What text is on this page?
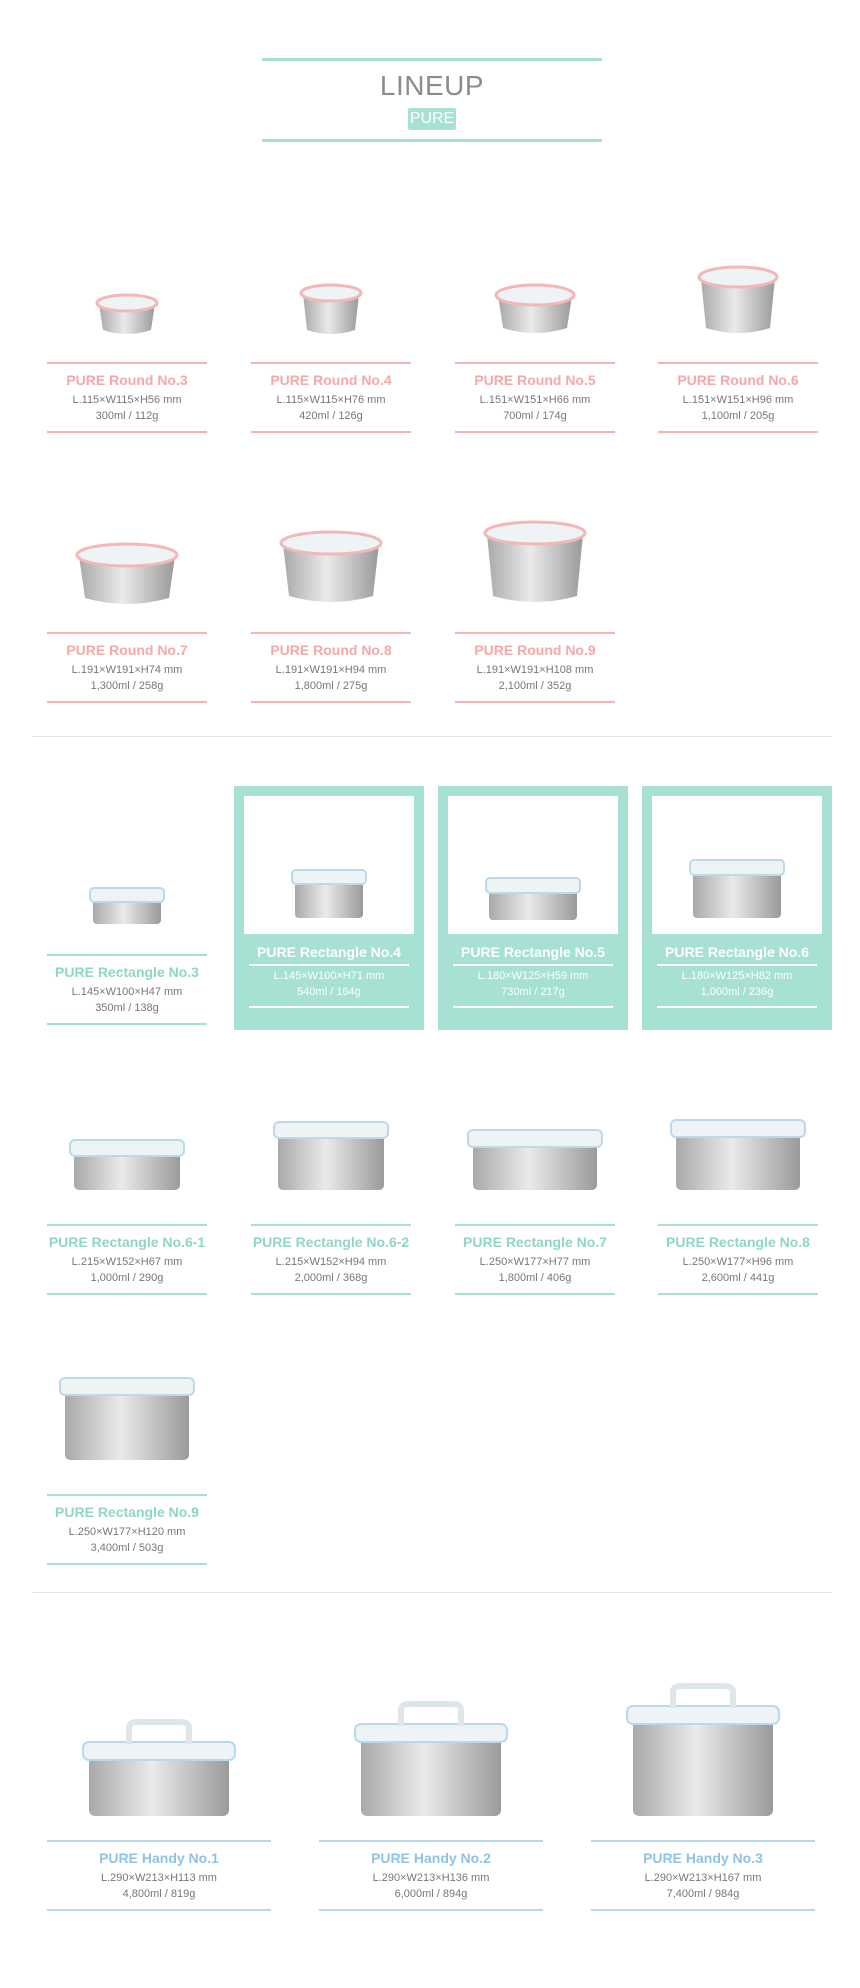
LINEUP
PURE
PURE Round No.3
L.115×W115×H56 mm
300ml / 112g
PURE Round No.4
L.115×W115×H76 mm
420ml / 126g
PURE Round No.5
L.151×W151×H66 mm
700ml / 174g
PURE Round No.6
L.151×W151×H96 mm
1,100ml / 205g
PURE Round No.7
L.191×W191×H74 mm
1,300ml / 258g
PURE Round No.8
L.191×W191×H94 mm
1,800ml / 275g
PURE Round No.9
L.191×W191×H108 mm
2,100ml / 352g
PURE Rectangle No.3
L.145×W100×H47 mm
350ml / 138g
PURE Rectangle No.4
L.145×W100×H71 mm
540ml / 164g
PURE Rectangle No.5
L.180×W125×H59 mm
730ml / 217g
PURE Rectangle No.6
L.180×W125×H82 mm
1,000ml / 236g
PURE Rectangle No.6-1
L.215×W152×H67 mm
1,000ml / 290g
PURE Rectangle No.6-2
L.215×W152×H94 mm
2,000ml / 368g
PURE Rectangle No.7
L.250×W177×H77 mm
1,800ml / 406g
PURE Rectangle No.8
L.250×W177×H96 mm
2,600ml / 441g
PURE Rectangle No.9
L.250×W177×H120 mm
3,400ml / 503g
PURE Handy No.1
L.290×W213×H113 mm
4,800ml / 819g
PURE Handy No.2
L.290×W213×H136 mm
6,000ml / 894g
PURE Handy No.3
L.290×W213×H167 mm
7,400ml / 984g
